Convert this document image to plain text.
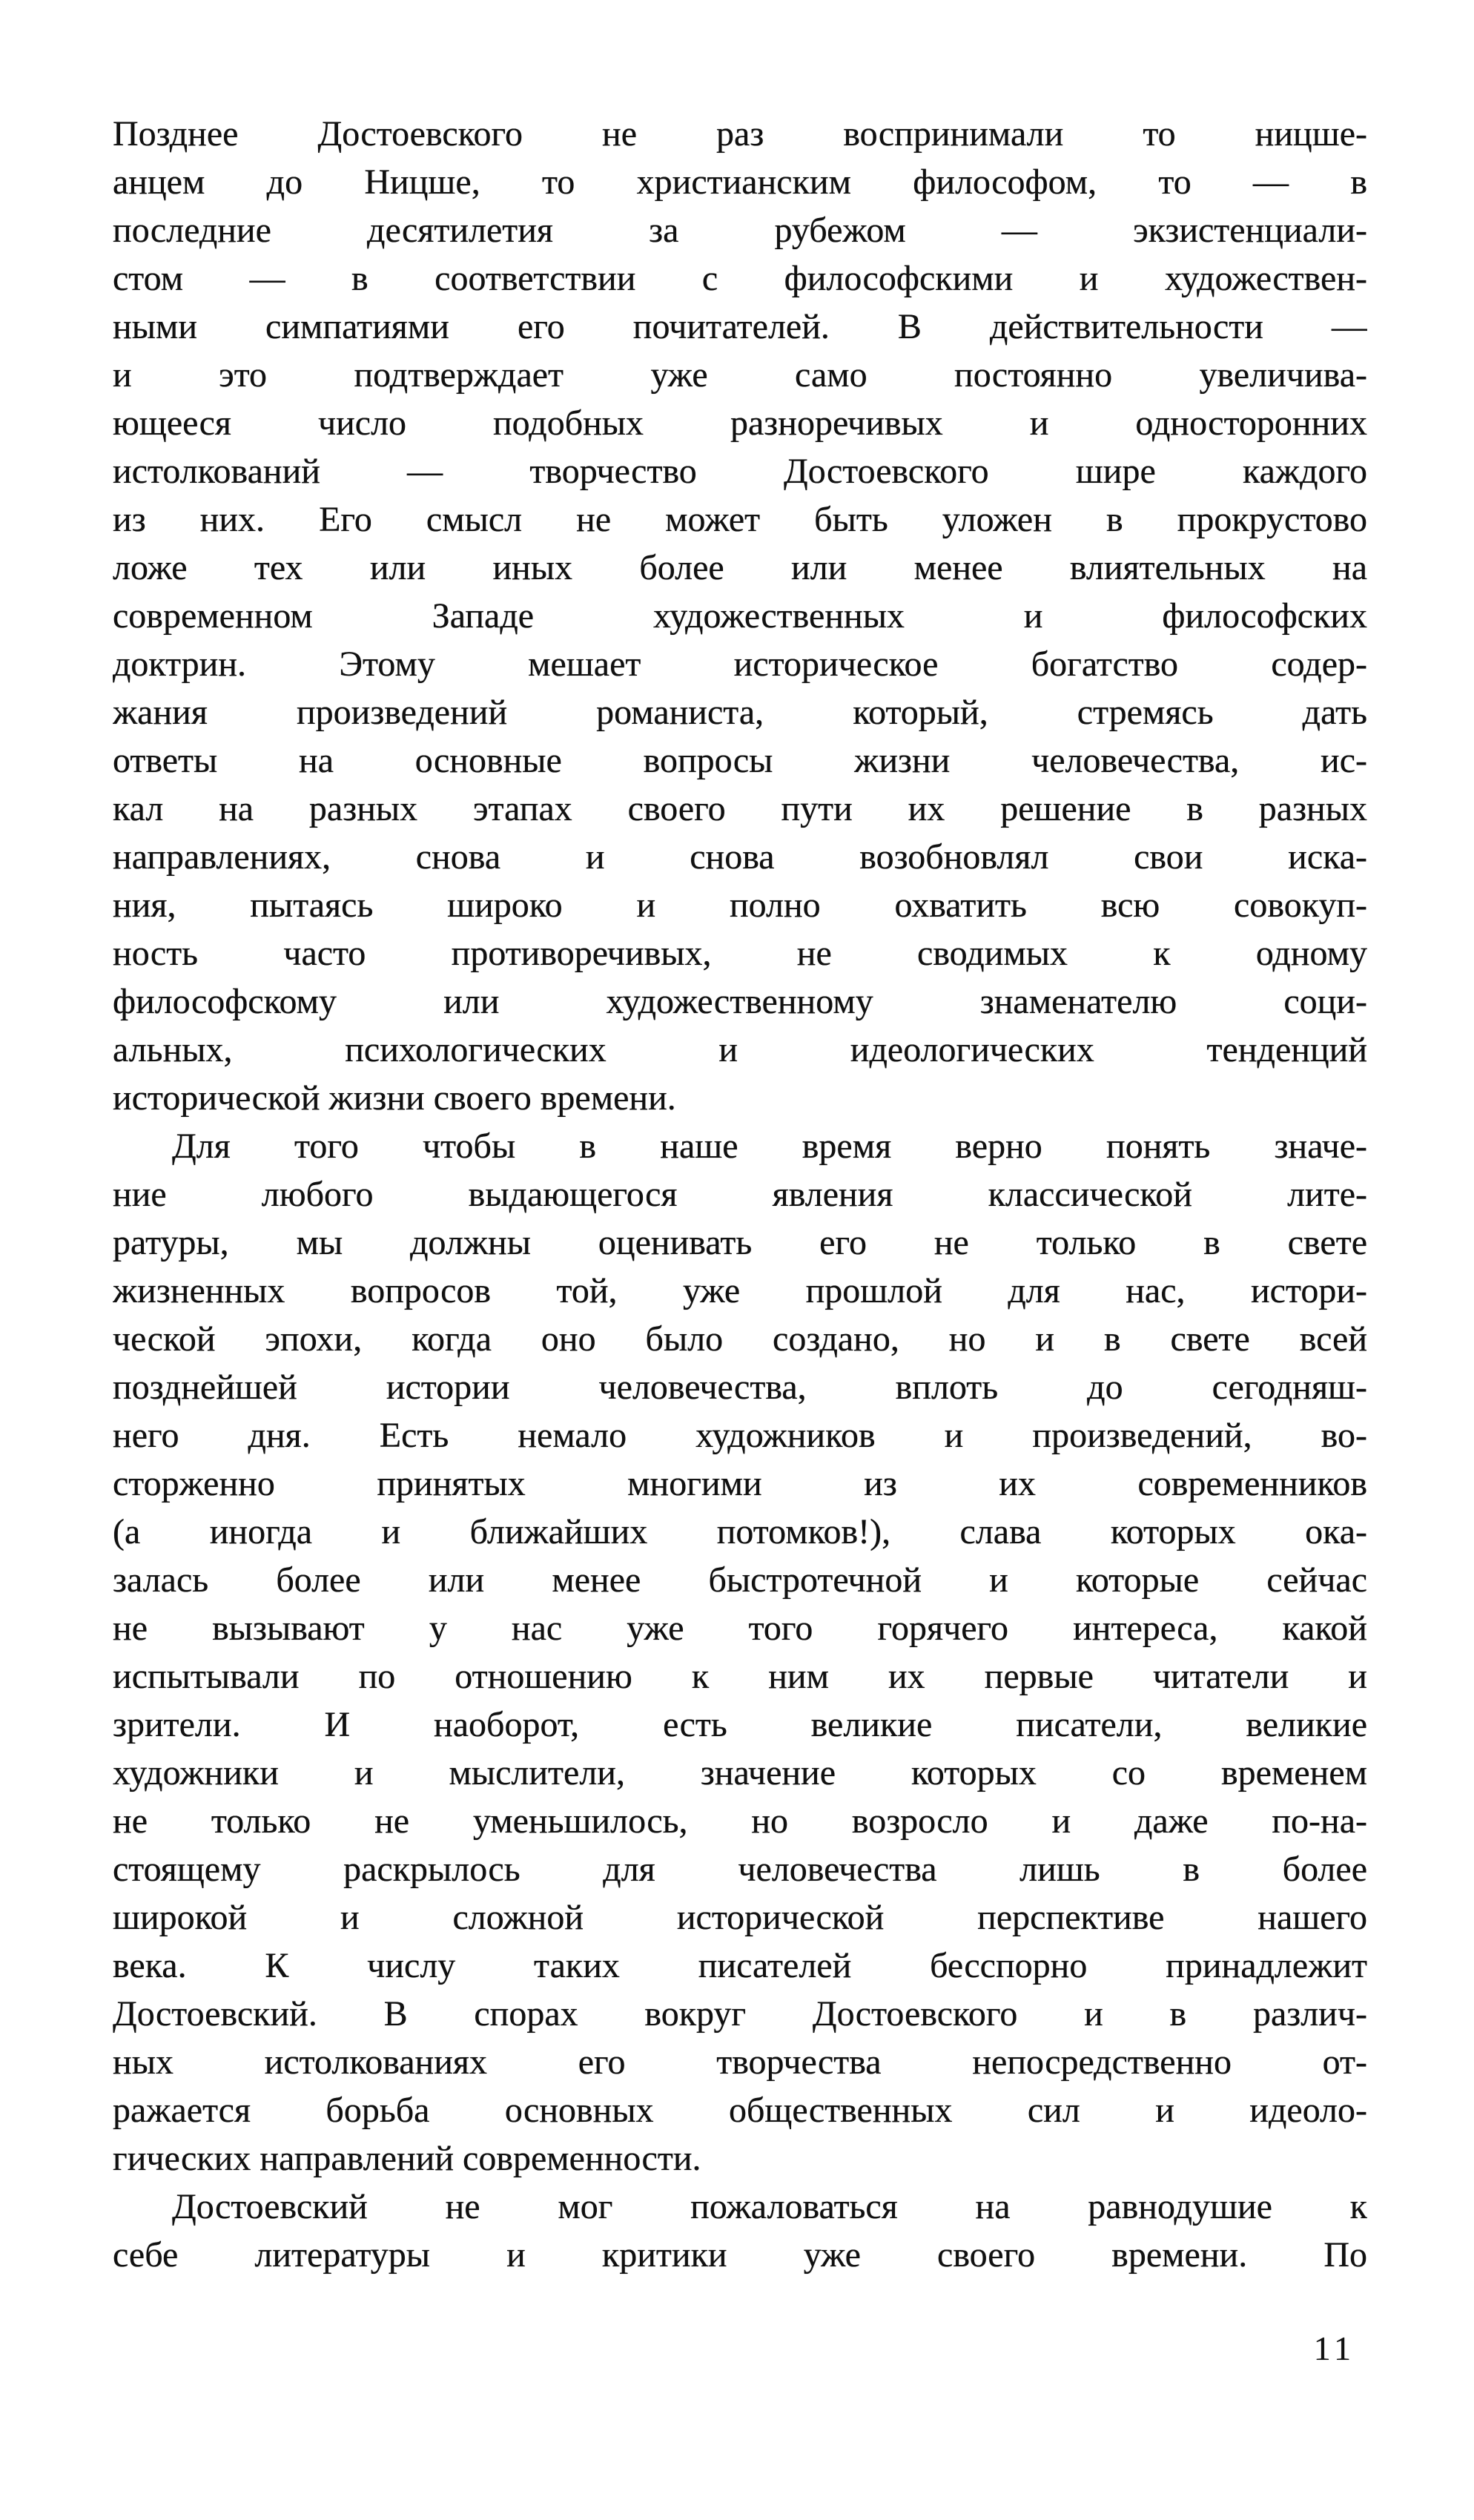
Позднее Достоевского не раз воспринимали то ницше-
анцем до Ницше, то христианским философом, то — в
последние десятилетия за рубежом — экзистенциали-
стом — в соответствии с философскими и художествен-
ными симпатиями его почитателей. В действительности —
и это подтверждает уже само постоянно увеличива-
ющееся число подобных разноречивых и односторонних
истолкований — творчество Достоевского шире каждого
из них. Его смысл не может быть уложен в прокрустово
ложе тех или иных более или менее влиятельных на
современном Западе художественных и философских
доктрин. Этому мешает историческое богатство содер-
жания произведений романиста, который, стремясь дать
ответы на основные вопросы жизни человечества, ис-
кал на разных этапах своего пути их решение в разных
направлениях, снова и снова возобновлял свои иска-
ния, пытаясь широко и полно охватить всю совокуп-
ность часто противоречивых, не сводимых к одному
философскому или художественному знаменателю соци-
альных, психологических и идеологических тенденций
исторической жизни своего времени.
Для того чтобы в наше время верно понять значе-
ние любого выдающегося явления классической лите-
ратуры, мы должны оценивать его не только в свете
жизненных вопросов той, уже прошлой для нас, истори-
ческой эпохи, когда оно было создано, но и в свете всей
позднейшей истории человечества, вплоть до сегодняш-
него дня. Есть немало художников и произведений, во-
сторженно принятых многими из их современников
(а иногда и ближайших потомков!), слава которых ока-
залась более или менее быстротечной и которые сейчас
не вызывают у нас уже того горячего интереса, какой
испытывали по отношению к ним их первые читатели и
зрители. И наоборот, есть великие писатели, великие
художники и мыслители, значение которых со временем
не только не уменьшилось, но возросло и даже по-на-
стоящему раскрылось для человечества лишь в более
широкой и сложной исторической перспективе нашего
века. К числу таких писателей бесспорно принадлежит
Достоевский. В спорах вокруг Достоевского и в различ-
ных истолкованиях его творчества непосредственно от-
ражается борьба основных общественных сил и идеоло-
гических направлений современности.
Достоевский не мог пожаловаться на равнодушие к
себе литературы и критики уже своего времени. По
11
